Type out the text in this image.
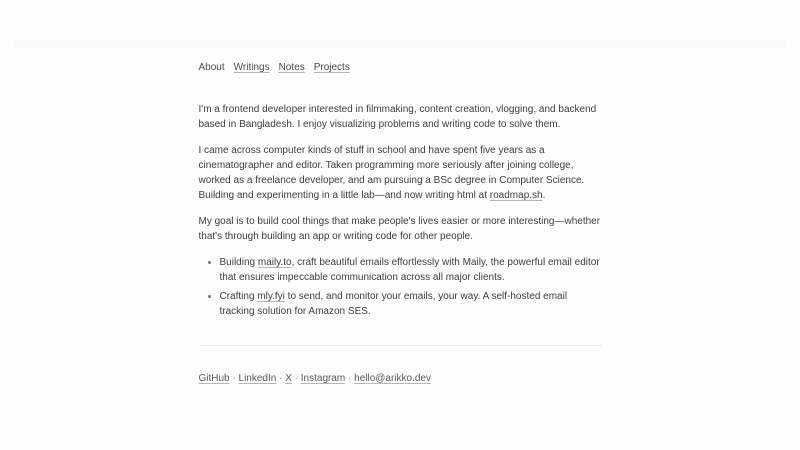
About Writings Notes Projects

I'm a frontend developer interested in filmmaking, content creation, vlogging, and backend based in Bangladesh. I enjoy visualizing problems and writing code to solve them.

I came across computer kinds of stuff in school and have spent five years as a cinematographer and editor. Taken programming more seriously after joining college, worked as a freelance developer, and am pursuing a BSc degree in Computer Science. Building and experimenting in a little lab—and now writing html at roadmap.sh.

My goal is to build cool things that make people's lives easier or more interesting—whether that's through building an app or writing code for other people.

• Building maily.to, craft beautiful emails effortlessly with Maily, the powerful email editor that ensures impeccable communication across all major clients.
• Crafting mly.fyi to send, and monitor your emails, your way. A self-hosted email tracking solution for Amazon SES.
GitHub · LinkedIn · X · Instagram · hello@arikko.dev
